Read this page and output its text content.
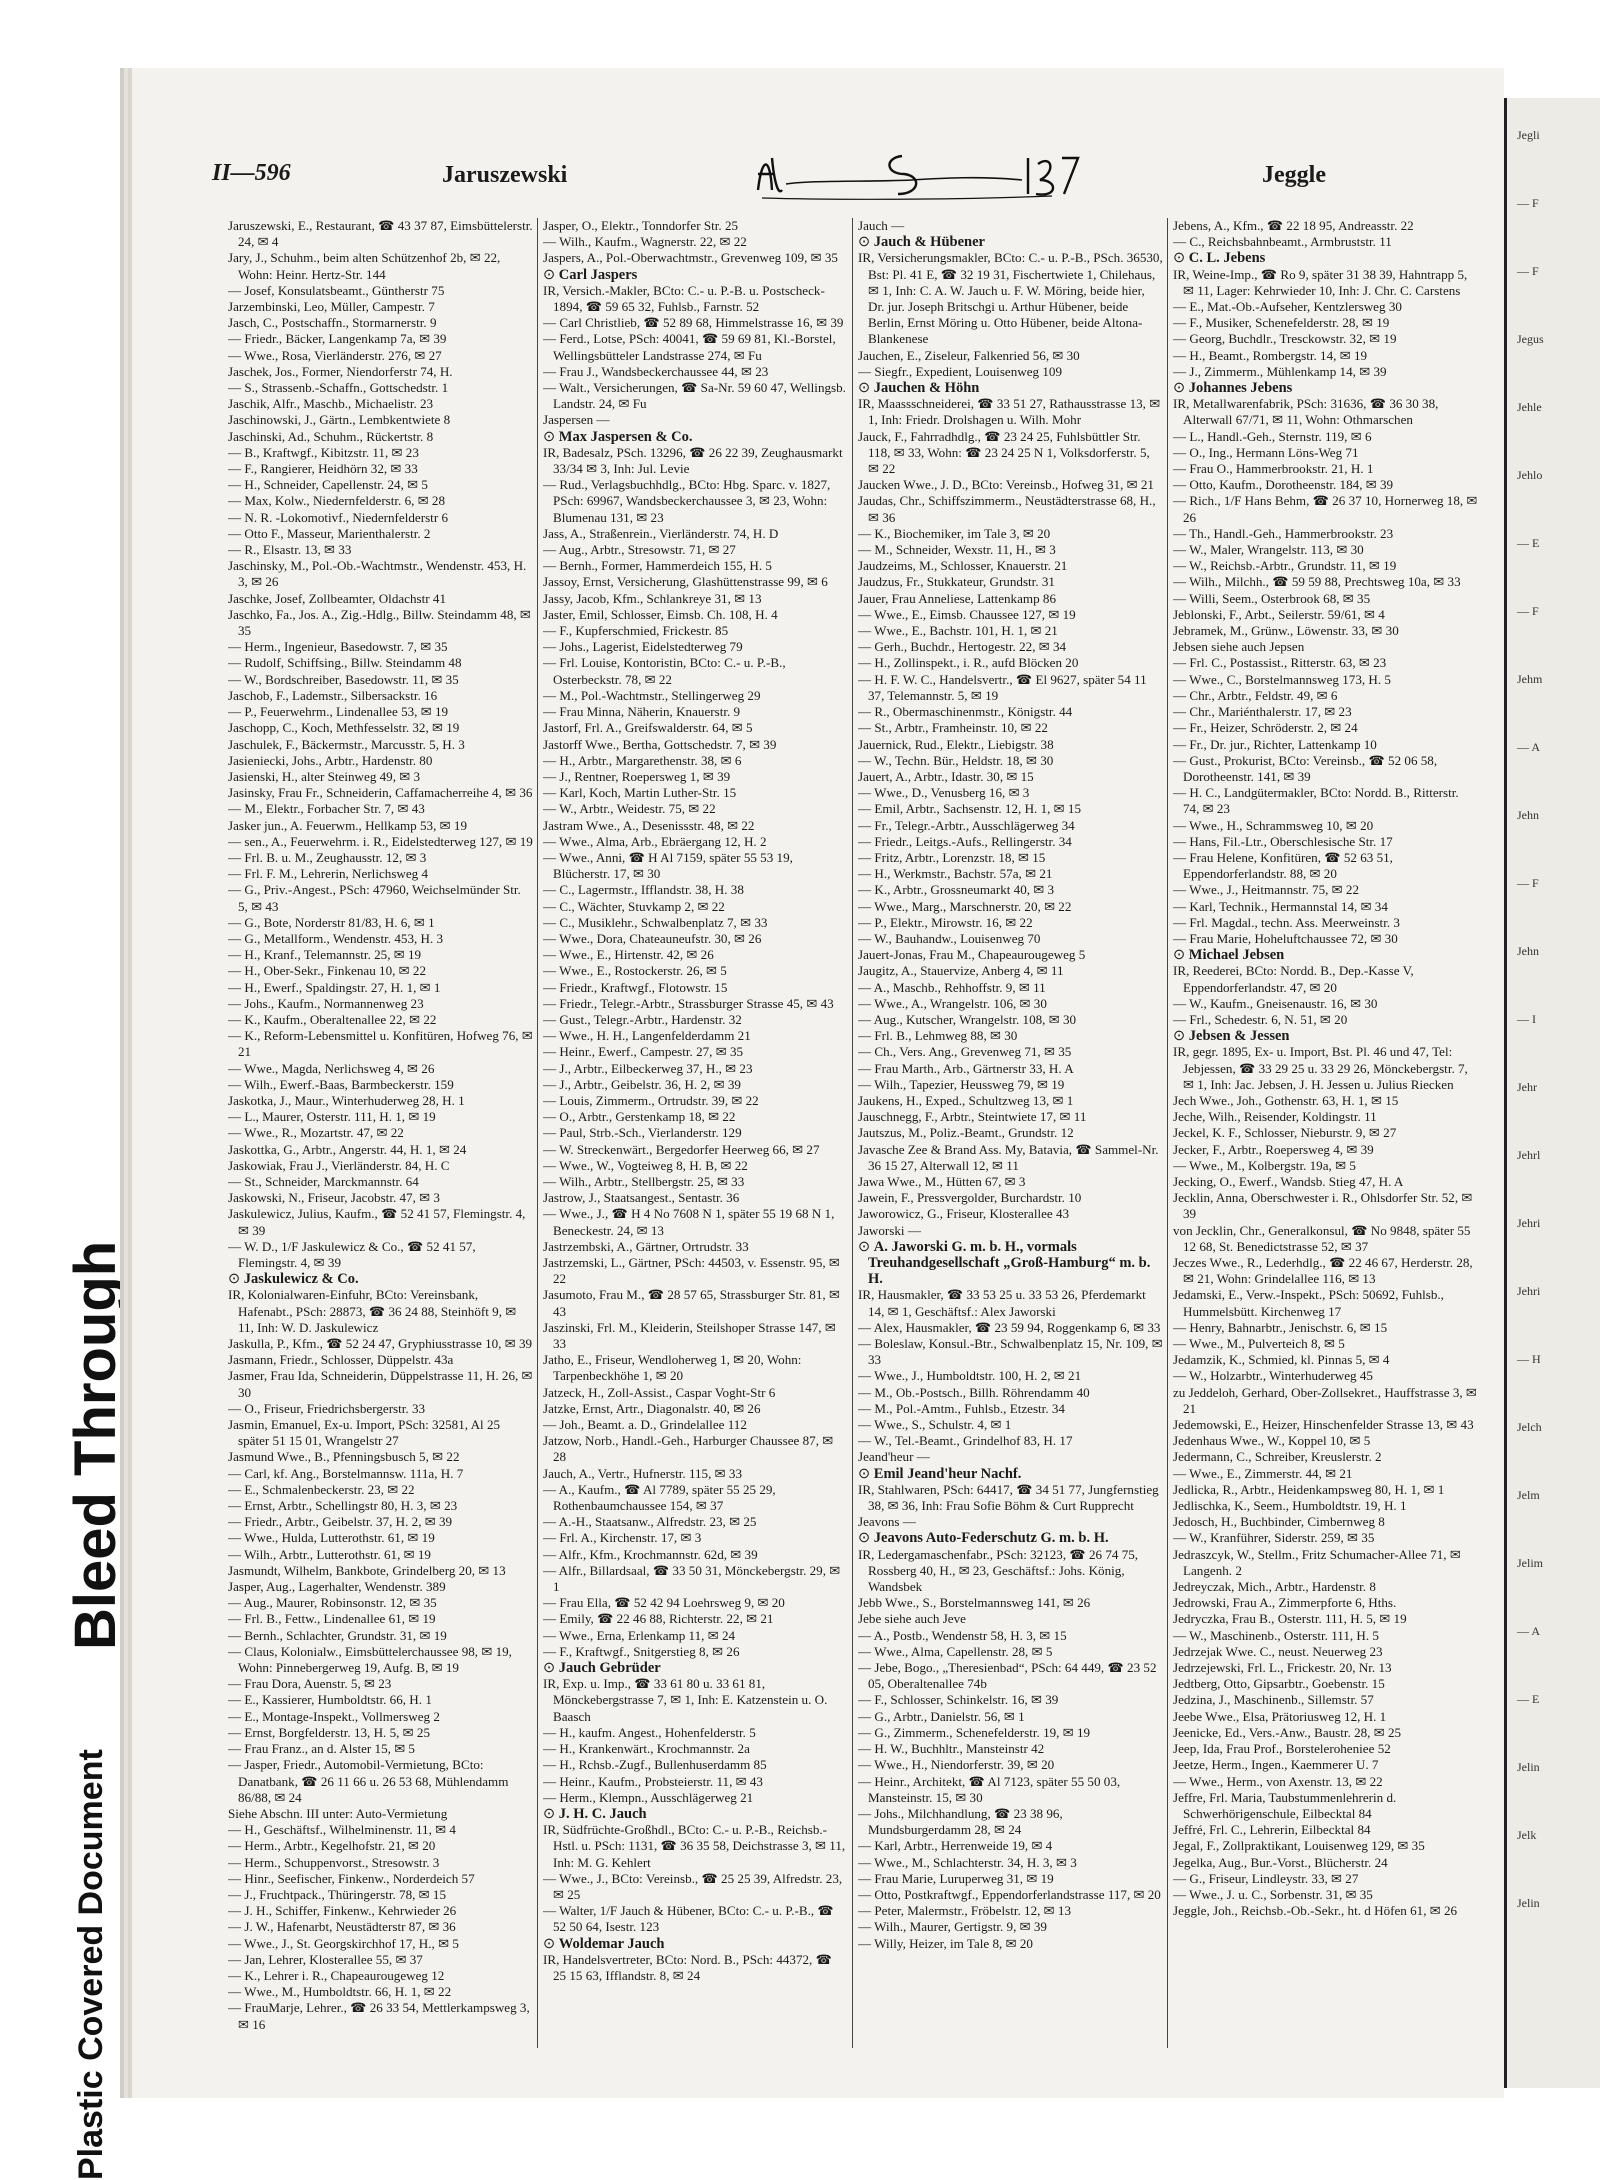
Bleed Through
Plastic Covered Document
II—596	Jaruszewski	Jeggle

Jaruszewski, E., Restaurant, ☎ 43 37 87, Eimsbüttelerstr. 24, ✉ 4

Jary, J., Schuhm., beim alten Schützenhof 2b, ✉ 22, Wohn: Heinr. Hertz-Str. 144

— Josef, Konsulatsbeamt., Güntherstr 75

Jarzembinski, Leo, Müller, Campestr. 7

Jasch, C., Postschaffn., Stormarnerstr. 9

— Friedr., Bäcker, Langenkamp 7a, ✉ 39

— Wwe., Rosa, Vierländerstr. 276, ✉ 27

Jaschek, Jos., Former, Niendorferstr 74, H.

— S., Strassenb.-Schaffn., Gottschedstr. 1

Jaschik, Alfr., Maschb., Michaelistr. 23

Jaschinowski, J., Gärtn., Lembkentwiete 8

Jaschinski, Ad., Schuhm., Rückertstr. 8

— B., Kraftwgf., Kibitzstr. 11, ✉ 23

— F., Rangierer, Heidhörn 32, ✉ 33

— H., Schneider, Capellenstr. 24, ✉ 5

— Max, Kolw., Niedernfelderstr. 6, ✉ 28

— N. R. -Lokomotivf., Niedernfelderstr 6

— Otto F., Masseur, Marienthalerstr. 2

— R., Elsastr. 13, ✉ 33

Jaschinsky, M., Pol.-Ob.-Wachtmstr., Wendenstr. 453, H. 3, ✉ 26

Jaschke, Josef, Zollbeamter, Oldachstr 41

Jaschko, Fa., Jos. A., Zig.-Hdlg., Billw. Steindamm 48, ✉ 35

— Herm., Ingenieur, Basedowstr. 7, ✉ 35

— Rudolf, Schiffsing., Billw. Steindamm 48

— W., Bordschreiber, Basedowstr. 11, ✉ 35

Jaschob, F., Lademstr., Silbersackstr. 16

— P., Feuerwehrm., Lindenallee 53, ✉ 19

Jaschopp, C., Koch, Methfesselstr. 32, ✉ 19

Jaschulek, F., Bäckermstr., Marcusstr. 5, H. 3

Jasieniecki, Johs., Arbtr., Hardenstr. 80

Jasienski, H., alter Steinweg 49, ✉ 3

Jasinsky, Frau Fr., Schneiderin, Caffamacherreihe 4, ✉ 36

— M., Elektr., Forbacher Str. 7, ✉ 43

Jasker jun., A. Feuerwm., Hellkamp 53, ✉ 19

— sen., A., Feuerwehrm. i. R., Eidelstedterweg 127, ✉ 19

— Frl. B. u. M., Zeughausstr. 12, ✉ 3

— Frl. F. M., Lehrerin, Nerlichsweg 4

— G., Priv.-Angest., PSch: 47960, Weichselmünder Str. 5, ✉ 43

— G., Bote, Norderstr 81/83, H. 6, ✉ 1

— G., Metallform., Wendenstr. 453, H. 3

— H., Kranf., Telemannstr. 25, ✉ 19

— H., Ober-Sekr., Finkenau 10, ✉ 22

— H., Ewerf., Spaldingstr. 27, H. 1, ✉ 1

— Johs., Kaufm., Normannenweg 23

— K., Kaufm., Oberaltenallee 22, ✉ 22

— K., Reform-Lebensmittel u. Konfitüren, Hofweg 76, ✉ 21

— Wwe., Magda, Nerlichsweg 4, ✉ 26

— Wilh., Ewerf.-Baas, Barmbeckerstr. 159

Jaskotka, J., Maur., Winterhuderweg 28, H. 1

— L., Maurer, Osterstr. 111, H. 1, ✉ 19

— Wwe., R., Mozartstr. 47, ✉ 22

Jaskottka, G., Arbtr., Angerstr. 44, H. 1, ✉ 24

Jaskowiak, Frau J., Vierländerstr. 84, H. C

— St., Schneider, Marckmannstr. 64

Jaskowski, N., Friseur, Jacobstr. 47, ✉ 3

Jaskulewicz, Julius, Kaufm., ☎ 52 41 57, Flemingstr. 4, ✉ 39

— W. D., 1/F Jaskulewicz & Co., ☎ 52 41 57, Flemingstr. 4, ✉ 39

⊙ Jaskulewicz & Co.

IR, Kolonialwaren-Einfuhr, BCto: Vereinsbank, Hafenabt., PSch: 28873, ☎ 36 24 88, Steinhöft 9, ✉ 11, Inh: W. D. Jaskulewicz

Jaskulla, P., Kfm., ☎ 52 24 47, Gryphiusstrasse 10, ✉ 39

Jasmann, Friedr., Schlosser, Düppelstr. 43a

Jasmer, Frau Ida, Schneiderin, Düppelstrasse 11, H. 26, ✉ 30

— O., Friseur, Friedrichsbergerstr. 33

Jasmin, Emanuel, Ex-u. Import, PSch: 32581, Al 25 später 51 15 01, Wrangelstr 27

Jasmund Wwe., B., Pfenningsbusch 5, ✉ 22

— Carl, kf. Ang., Borstelmannsw. 111a, H. 7

— E., Schmalenbeckerstr. 23, ✉ 22

— Ernst, Arbtr., Schellingstr 80, H. 3, ✉ 23

— Friedr., Arbtr., Geibelstr. 37, H. 2, ✉ 39

— Wwe., Hulda, Lutterothstr. 61, ✉ 19

— Wilh., Arbtr., Lutterothstr. 61, ✉ 19

Jasmundt, Wilhelm, Bankbote, Grindelberg 20, ✉ 13

Jasper, Aug., Lagerhalter, Wendenstr. 389

— Aug., Maurer, Robinsonstr. 12, ✉ 35

— Frl. B., Fettw., Lindenallee 61, ✉ 19

— Bernh., Schlachter, Grundstr. 31, ✉ 19

— Claus, Kolonialw., Eimsbüttelerchaussee 98, ✉ 19, Wohn: Pinnebergerweg 19, Aufg. B, ✉ 19

— Frau Dora, Auenstr. 5, ✉ 23

— E., Kassierer, Humboldtstr. 66, H. 1

— E., Montage-Inspekt., Vollmersweg 2

— Ernst, Borgfelderstr. 13, H. 5, ✉ 25

— Frau Franz., an d. Alster 15, ✉ 5

— Jasper, Friedr., Automobil-Vermietung, BCto: Danatbank, ☎ 26 11 66 u. 26 53 68, Mühlendamm 86/88, ✉ 24

Siehe Abschn. III unter: Auto-Vermietung

— H., Geschäftsf., Wilhelminenstr. 11, ✉ 4

— Herm., Arbtr., Kegelhofstr. 21, ✉ 20

— Herm., Schuppenvorst., Stresowstr. 3

— Hinr., Seefischer, Finkenw., Norderdeich 57

— J., Fruchtpack., Thüringerstr. 78, ✉ 15

— J. H., Schiffer, Finkenw., Kehrwieder 26

— J. W., Hafenarbt, Neustädterstr 87, ✉ 36

— Wwe., J., St. Georgskirchhof 17, H., ✉ 5

— Jan, Lehrer, Klosterallee 55, ✉ 37

— K., Lehrer i. R., Chapeaurougeweg 12

— Wwe., M., Humboldtstr. 66, H. 1, ✉ 22

— FrauMarje, Lehrer., ☎ 26 33 54, Mettlerkampsweg 3, ✉ 16

Jasper, O., Elektr., Tonndorfer Str. 25

— Wilh., Kaufm., Wagnerstr. 22, ✉ 22

Jaspers, A., Pol.-Oberwachtmstr., Grevenweg 109, ✉ 35

⊙ Carl Jaspers

IR, Versich.-Makler, BCto: C.- u. P.-B. u. Postscheck- 1894, ☎ 59 65 32, Fuhlsb., Farnstr. 52

— Carl Christlieb, ☎ 52 89 68, Himmelstrasse 16, ✉ 39

— Ferd., Lotse, PSch: 40041, ☎ 59 69 81, Kl.-Borstel, Wellingsbütteler Landstrasse 274, ✉ Fu

— Frau J., Wandsbeckerchaussee 44, ✉ 23

— Walt., Versicherungen, ☎ Sa-Nr. 59 60 47, Wellingsb. Landstr. 24, ✉ Fu

Jaspersen —

⊙ Max Jaspersen & Co.

IR, Badesalz, PSch. 13296, ☎ 26 22 39, Zeughausmarkt 33/34 ✉ 3, Inh: Jul. Levie

— Rud., Verlagsbuchhdlg., BCto: Hbg. Sparc. v. 1827, PSch: 69967, Wandsbeckerchaussee 3, ✉ 23, Wohn: Blumenau 131, ✉ 23

Jass, A., Straßenrein., Vierländerstr. 74, H. D

— Aug., Arbtr., Stresowstr. 71, ✉ 27

— Bernh., Former, Hammerdeich 155, H. 5

Jassoy, Ernst, Versicherung, Glashüttenstrasse 99, ✉ 6

Jassy, Jacob, Kfm., Schlankreye 31, ✉ 13

Jaster, Emil, Schlosser, Eimsb. Ch. 108, H. 4

— F., Kupferschmied, Frickestr. 85

— Johs., Lagerist, Eidelstedterweg 79

— Frl. Louise, Kontoristin, BCto: C.- u. P.-B., Osterbeckstr. 78, ✉ 22

— M., Pol.-Wachtmstr., Stellingerweg 29

— Frau Minna, Näherin, Knauerstr. 9

Jastorf, Frl. A., Greifswalderstr. 64, ✉ 5

Jastorff Wwe., Bertha, Gottschedstr. 7, ✉ 39

— H., Arbtr., Margarethenstr. 38, ✉ 6

— J., Rentner, Roepersweg 1, ✉ 39

— Karl, Koch, Martin Luther-Str. 15

— W., Arbtr., Weidestr. 75, ✉ 22

Jastram Wwe., A., Desenissstr. 48, ✉ 22

— Wwe., Alma, Arb., Ebräergang 12, H. 2

— Wwe., Anni, ☎ H Al 7159, später 55 53 19, Blücherstr. 17, ✉ 30

— C., Lagermstr., Ifflandstr. 38, H. 38

— C., Wächter, Stuvkamp 2, ✉ 22

— C., Musiklehr., Schwalbenplatz 7, ✉ 33

— Wwe., Dora, Chateauneufstr. 30, ✉ 26

— Wwe., E., Hirtenstr. 42, ✉ 26

— Wwe., E., Rostockerstr. 26, ✉ 5

— Friedr., Kraftwgf., Flotowstr. 15

— Friedr., Telegr.-Arbtr., Strassburger Strasse 45, ✉ 43

— Gust., Telegr.-Arbtr., Hardenstr. 32

— Wwe., H. H., Langenfelderdamm 21

— Heinr., Ewerf., Campestr. 27, ✉ 35

— J., Arbtr., Eilbeckerweg 37, H., ✉ 23

— J., Arbtr., Geibelstr. 36, H. 2, ✉ 39

— Louis, Zimmerm., Ortrudstr. 39, ✉ 22

— O., Arbtr., Gerstenkamp 18, ✉ 22

— Paul, Strb.-Sch., Vierlanderstr. 129

— W. Streckenwärt., Bergedorfer Heerweg 66, ✉ 27

— Wwe., W., Vogteiweg 8, H. B, ✉ 22

— Wilh., Arbtr., Stellbergstr. 25, ✉ 33

Jastrow, J., Staatsangest., Sentastr. 36

— Wwe., J., ☎ H 4 No 7608 N 1, später 55 19 68 N 1, Beneckestr. 24, ✉ 13

Jastrzembski, A., Gärtner, Ortrudstr. 33

Jastrzemski, L., Gärtner, PSch: 44503, v. Essenstr. 95, ✉ 22

Jasumoto, Frau M., ☎ 28 57 65, Strassburger Str. 81, ✉ 43

Jaszinski, Frl. M., Kleiderin, Steilshoper Strasse 147, ✉ 33

Jatho, E., Friseur, Wendloherweg 1, ✉ 20, Wohn: Tarpenbeckhöhe 1, ✉ 20

Jatzeck, H., Zoll-Assist., Caspar Voght-Str 6

Jatzke, Ernst, Artr., Diagonalstr. 40, ✉ 26

— Joh., Beamt. a. D., Grindelallee 112

Jatzow, Norb., Handl.-Geh., Harburger Chaussee 87, ✉ 28

Jauch, A., Vertr., Hufnerstr. 115, ✉ 33

— A., Kaufm., ☎ Al 7789, später 55 25 29, Rothenbaumchaussee 154, ✉ 37

— A.-H., Staatsanw., Alfredstr. 23, ✉ 25

— Frl. A., Kirchenstr. 17, ✉ 3

— Alfr., Kfm., Krochmannstr. 62d, ✉ 39

— Alfr., Billardsaal, ☎ 33 50 31, Mönckebergstr. 29, ✉ 1

— Frau Ella, ☎ 52 42 94 Loehrsweg 9, ✉ 20

— Emily, ☎ 22 46 88, Richterstr. 22, ✉ 21

— Wwe., Erna, Erlenkamp 11, ✉ 24

— F., Kraftwgf., Snitgerstieg 8, ✉ 26

⊙ Jauch Gebrüder

IR, Exp. u. Imp., ☎ 33 61 80 u. 33 61 81, Mönckebergstrasse 7, ✉ 1, Inh: E. Katzenstein u. O. Baasch

— H., kaufm. Angest., Hohenfelderstr. 5

— H., Krankenwärt., Krochmannstr. 2a

— H., Rchsb.-Zugf., Bullenhuserdamm 85

— Heinr., Kaufm., Probsteierstr. 11, ✉ 43

— Herm., Klempn., Ausschlägerweg 21

⊙ J. H. C. Jauch

IR, Südfrüchte-Großhdl., BCto: C.- u. P.-B., Reichsb.-Hstl. u. PSch: 1131, ☎ 36 35 58, Deichstrasse 3, ✉ 11, Inh: M. G. Kehlert

— Wwe., J., BCto: Vereinsb., ☎ 25 25 39, Alfredstr. 23, ✉ 25

— Walter, 1/F Jauch & Hübener, BCto: C.- u. P.-B., ☎ 52 50 64, Isestr. 123

⊙ Woldemar Jauch

IR, Handelsvertreter, BCto: Nord. B., PSch: 44372, ☎ 25 15 63, Ifflandstr. 8, ✉ 24

Jauch —

⊙ Jauch & Hübener

IR, Versicherungsmakler, BCto: C.- u. P.-B., PSch. 36530, Bst: Pl. 41 E, ☎ 32 19 31, Fischertwiete 1, Chilehaus, ✉ 1, Inh: C. A. W. Jauch u. F. W. Möring, beide hier, Dr. jur. Joseph Britschgi u. Arthur Hübener, beide Berlin, Ernst Möring u. Otto Hübener, beide Altona-Blankenese

Jauchen, E., Ziseleur, Falkenried 56, ✉ 30

— Siegfr., Expedient, Louisenweg 109

⊙ Jauchen & Höhn

IR, Maassschneiderei, ☎ 33 51 27, Rathausstrasse 13, ✉ 1, Inh: Friedr. Drolshagen u. Wilh. Mohr

Jauck, F., Fahrradhdlg., ☎ 23 24 25, Fuhlsbüttler Str. 118, ✉ 33, Wohn: ☎ 23 24 25 N 1, Volksdorferstr. 5, ✉ 22

Jaucken Wwe., J. D., BCto: Vereinsb., Hofweg 31, ✉ 21

Jaudas, Chr., Schiffszimmerm., Neustädterstrasse 68, H., ✉ 36

— K., Biochemiker, im Tale 3, ✉ 20

— M., Schneider, Wexstr. 11, H., ✉ 3

Jaudzeims, M., Schlosser, Knauerstr. 21

Jaudzus, Fr., Stukkateur, Grundstr. 31

Jauer, Frau Anneliese, Lattenkamp 86

— Wwe., E., Eimsb. Chaussee 127, ✉ 19

— Wwe., E., Bachstr. 101, H. 1, ✉ 21

— Gerh., Buchdr., Hertogestr. 22, ✉ 34

— H., Zollinspekt., i. R., aufd Blöcken 20

— H. F. W. C., Handelsvertr., ☎ El 9627, später 54 11 37, Telemannstr. 5, ✉ 19

— R., Obermaschinenmstr., Königstr. 44

— St., Arbtr., Framheinstr. 10, ✉ 22

Jauernick, Rud., Elektr., Liebigstr. 38

— W., Techn. Bür., Heldstr. 18, ✉ 30

Jauert, A., Arbtr., Idastr. 30, ✉ 15

— Wwe., D., Venusberg 16, ✉ 3

— Emil, Arbtr., Sachsenstr. 12, H. 1, ✉ 15

— Fr., Telegr.-Arbtr., Ausschlägerweg 34

— Friedr., Leitgs.-Aufs., Rellingerstr. 34

— Fritz, Arbtr., Lorenzstr. 18, ✉ 15

— H., Werkmstr., Bachstr. 57a, ✉ 21

— K., Arbtr., Grossneumarkt 40, ✉ 3

— Wwe., Marg., Marschnerstr. 20, ✉ 22

— P., Elektr., Mirowstr. 16, ✉ 22

— W., Bauhandw., Louisenweg 70

Jauert-Jonas, Frau M., Chapeaurougeweg 5

Jaugitz, A., Stauervize, Anberg 4, ✉ 11

— A., Maschb., Rehhoffstr. 9, ✉ 11

— Wwe., A., Wrangelstr. 106, ✉ 30

— Aug., Kutscher, Wrangelstr. 108, ✉ 30

— Frl. B., Lehmweg 88, ✉ 30

— Ch., Vers. Ang., Grevenweg 71, ✉ 35

— Frau Marth., Arb., Gärtnerstr 33, H. A

— Wilh., Tapezier, Heussweg 79, ✉ 19

Jaukens, H., Exped., Schultzweg 13, ✉ 1

Jauschnegg, F., Arbtr., Steintwiete 17, ✉ 11

Jautszus, M., Poliz.-Beamt., Grundstr. 12

Javasche Zee & Brand Ass. My, Batavia, ☎ Sammel-Nr. 36 15 27, Alterwall 12, ✉ 11

Jawa Wwe., M., Hütten 67, ✉ 3

Jawein, F., Pressvergolder, Burchardstr. 10

Jaworowicz, G., Friseur, Klosterallee 43

Jaworski —

⊙ A. Jaworski G. m. b. H., vormals Treuhandgesellschaft „Groß-Hamburg“ m. b. H.

IR, Hausmakler, ☎ 33 53 25 u. 33 53 26, Pferdemarkt 14, ✉ 1, Geschäftsf.: Alex Jaworski

— Alex, Hausmakler, ☎ 23 59 94, Roggenkamp 6, ✉ 33

— Boleslaw, Konsul.-Btr., Schwalbenplatz 15, Nr. 109, ✉ 33

— Wwe., J., Humboldtstr. 100, H. 2, ✉ 21

— M., Ob.-Postsch., Billh. Röhrendamm 40

— M., Pol.-Amtm., Fuhlsb., Etzestr. 34

— Wwe., S., Schulstr. 4, ✉ 1

— W., Tel.-Beamt., Grindelhof 83, H. 17

Jeand'heur —

⊙ Emil Jeand'heur Nachf.

IR, Stahlwaren, PSch: 64417, ☎ 34 51 77, Jungfernstieg 38, ✉ 36, Inh: Frau Sofie Böhm & Curt Rupprecht

Jeavons —

⊙ Jeavons Auto-Federschutz G. m. b. H.

IR, Ledergamaschenfabr., PSch: 32123, ☎ 26 74 75, Rossberg 40, H., ✉ 23, Geschäftsf.: Johs. König, Wandsbek

Jebb Wwe., S., Borstelmannsweg 141, ✉ 26

Jebe siehe auch Jeve

— A., Postb., Wendenstr 58, H. 3, ✉ 15

— Wwe., Alma, Capellenstr. 28, ✉ 5

— Jebe, Bogo., „Theresienbad“, PSch: 64 449, ☎ 23 52 05, Oberaltenallee 74b

— F., Schlosser, Schinkelstr. 16, ✉ 39

— G., Arbtr., Danielstr. 56, ✉ 1

— G., Zimmerm., Schenefelderstr. 19, ✉ 19

— H. W., Buchhltr., Mansteinstr 42

— Wwe., H., Niendorferstr. 39, ✉ 20

— Heinr., Architekt, ☎ Al 7123, später 55 50 03, Mansteinstr. 15, ✉ 30

— Johs., Milchhandlung, ☎ 23 38 96, Mundsburgerdamm 28, ✉ 24

— Karl, Arbtr., Herrenweide 19, ✉ 4

— Wwe., M., Schlachterstr. 34, H. 3, ✉ 3

— Frau Marie, Luruperweg 31, ✉ 19

— Otto, Postkraftwgf., Eppendorferlandstrasse 117, ✉ 20

— Peter, Malermstr., Fröbelstr. 12, ✉ 13

— Wilh., Maurer, Gertigstr. 9, ✉ 39

— Willy, Heizer, im Tale 8, ✉ 20

Jebens, A., Kfm., ☎ 22 18 95, Andreasstr. 22

— C., Reichsbahnbeamt., Armbruststr. 11

⊙ C. L. Jebens

IR, Weine-Imp., ☎ Ro 9, später 31 38 39, Hahntrapp 5, ✉ 11, Lager: Kehrwieder 10, Inh: J. Chr. C. Carstens

— E., Mat.-Ob.-Aufseher, Kentzlersweg 30

— F., Musiker, Schenefelderstr. 28, ✉ 19

— Georg, Buchdlr., Tresckowstr. 32, ✉ 19

— H., Beamt., Rombergstr. 14, ✉ 19

— J., Zimmerm., Mühlenkamp 14, ✉ 39

⊙ Johannes Jebens

IR, Metallwarenfabrik, PSch: 31636, ☎ 36 30 38, Alterwall 67/71, ✉ 11, Wohn: Othmarschen

— L., Handl.-Geh., Sternstr. 119, ✉ 6

— O., Ing., Hermann Löns-Weg 71

— Frau O., Hammerbrookstr. 21, H. 1

— Otto, Kaufm., Dorotheenstr. 184, ✉ 39

— Rich., 1/F Hans Behm, ☎ 26 37 10, Hornerweg 18, ✉ 26

— Th., Handl.-Geh., Hammerbrookstr. 23

— W., Maler, Wrangelstr. 113, ✉ 30

— W., Reichsb.-Arbtr., Grundstr. 11, ✉ 19

— Wilh., Milchh., ☎ 59 59 88, Prechtsweg 10a, ✉ 33

— Willi, Seem., Osterbrook 68, ✉ 35

Jeblonski, F., Arbt., Seilerstr. 59/61, ✉ 4

Jebramek, M., Grünw., Löwenstr. 33, ✉ 30

Jebsen siehe auch Jepsen

— Frl. C., Postassist., Ritterstr. 63, ✉ 23

— Wwe., C., Borstelmannsweg 173, H. 5

— Chr., Arbtr., Feldstr. 49, ✉ 6

— Chr., Mariénthalerstr. 17, ✉ 23

— Fr., Heizer, Schröderstr. 2, ✉ 24

— Fr., Dr. jur., Richter, Lattenkamp 10

— Gust., Prokurist, BCto: Vereinsb., ☎ 52 06 58, Dorotheenstr. 141, ✉ 39

— H. C., Landgütermakler, BCto: Nordd. B., Ritterstr. 74, ✉ 23

— Wwe., H., Schrammsweg 10, ✉ 20

— Hans, Fil.-Ltr., Oberschlesische Str. 17

— Frau Helene, Konfitüren, ☎ 52 63 51, Eppendorferlandstr. 88, ✉ 20

— Wwe., J., Heitmannstr. 75, ✉ 22

— Karl, Technik., Hermannstal 14, ✉ 34

— Frl. Magdal., techn. Ass. Meerweinstr. 3

— Frau Marie, Hoheluftchaussee 72, ✉ 30

⊙ Michael Jebsen

IR, Reederei, BCto: Nordd. B., Dep.-Kasse V, Eppendorferlandstr. 47, ✉ 20

— W., Kaufm., Gneisenaustr. 16, ✉ 30

— Frl., Schedestr. 6, N. 51, ✉ 20

⊙ Jebsen & Jessen

IR, gegr. 1895, Ex- u. Import, Bst. Pl. 46 und 47, Tel: Jebjessen, ☎ 33 29 25 u. 33 29 26, Mönckebergstr. 7, ✉ 1, Inh: Jac. Jebsen, J. H. Jessen u. Julius Riecken

Jech Wwe., Joh., Gothenstr. 63, H. 1, ✉ 15

Jeche, Wilh., Reisender, Koldingstr. 11

Jeckel, K. F., Schlosser, Nieburstr. 9, ✉ 27

Jecker, F., Arbtr., Roepersweg 4, ✉ 39

— Wwe., M., Kolbergstr. 19a, ✉ 5

Jecking, O., Ewerf., Wandsb. Stieg 47, H. A

Jecklin, Anna, Oberschwester i. R., Ohlsdorfer Str. 52, ✉ 39

von Jecklin, Chr., Generalkonsul, ☎ No 9848, später 55 12 68, St. Benedictstrasse 52, ✉ 37

Jeczes Wwe., R., Lederhdlg., ☎ 22 46 67, Herderstr. 28, ✉ 21, Wohn: Grindelallee 116, ✉ 13

Jedamski, E., Verw.-Inspekt., PSch: 50692, Fuhlsb., Hummelsbütt. Kirchenweg 17

— Henry, Bahnarbtr., Jenischstr. 6, ✉ 15

— Wwe., M., Pulverteich 8, ✉ 5

Jedamzik, K., Schmied, kl. Pinnas 5, ✉ 4

— W., Holzarbtr., Winterhuderweg 45

zu Jeddeloh, Gerhard, Ober-Zollsekret., Hauffstrasse 3, ✉ 21

Jedemowski, E., Heizer, Hinschenfelder Strasse 13, ✉ 43

Jedenhaus Wwe., W., Koppel 10, ✉ 5

Jedermann, C., Schreiber, Kreuslerstr. 2

— Wwe., E., Zimmerstr. 44, ✉ 21

Jedlicka, R., Arbtr., Heidenkampsweg 80, H. 1, ✉ 1

Jedlischka, K., Seem., Humboldtstr. 19, H. 1

Jedosch, H., Buchbinder, Cimbernweg 8

— W., Kranführer, Siderstr. 259, ✉ 35

Jedraszcyk, W., Stellm., Fritz Schumacher-Allee 71, ✉ Langenh. 2

Jedreyczak, Mich., Arbtr., Hardenstr. 8

Jedrowski, Frau A., Zimmerpforte 6, Hths.

Jedryczka, Frau B., Osterstr. 111, H. 5, ✉ 19

— W., Maschinenb., Osterstr. 111, H. 5

Jedrzejak Wwe. C., neust. Neuerweg 23

Jedrzejewski, Frl. L., Frickestr. 20, Nr. 13

Jedtberg, Otto, Gipsarbtr., Goebenstr. 15

Jedzina, J., Maschinenb., Sillemstr. 57

Jeebe Wwe., Elsa, Prätoriusweg 12, H. 1

Jeenicke, Ed., Vers.-Anw., Baustr. 28, ✉ 25

Jeep, Ida, Frau Prof., Borsteleroheniee 52

Jeetze, Herm., Ingen., Kaemmerer U. 7

— Wwe., Herm., von Axenstr. 13, ✉ 22

Jeffre, Frl. Maria, Taubstummenlehrerin d. Schwerhörigenschule, Eilbecktal 84

Jeffré, Frl. C., Lehrerin, Eilbecktal 84

Jegal, F., Zollpraktikant, Louisenweg 129, ✉ 35

Jegelka, Aug., Bur.-Vorst., Blücherstr. 24

— G., Friseur, Lindleystr. 33, ✉ 27

— Wwe., J. u. C., Sorbenstr. 31, ✉ 35

Jeggle, Joh., Reichsb.-Ob.-Sekr., ht. d Höfen 61, ✉ 26

Jegli
— F
— F
Jegus
Jehle
Jehlo
— E
— F
Jehm
— A
Jehn
— F
Jehn
— I
Jehr
Jehrl
Jehri
Jehri
— H
Jelch
Jelm
Jelim
— A
— E
Jelin
Jelk
Jelin
